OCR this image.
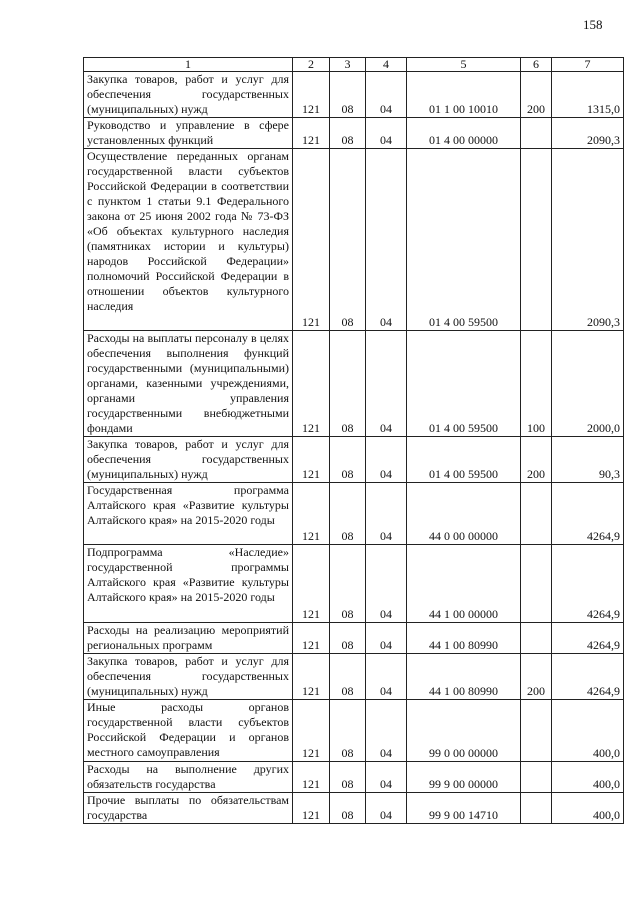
158
1	2	3	4	5	6	7
Закупка товаров, работ и услуг для обеспечения государственных (муниципальных) нужд	121	08	04	01 1 00 10010	200	1315,0
Руководство и управление в сфере установленных функций	121	08	04	01 4 00 00000		2090,3
Осуществление переданных органам государственной власти субъектов Российской Федерации в соответствии с пунктом 1 статьи 9.1 Федерального закона от 25 июня 2002 года № 73-ФЗ «Об объектах культурного наследия (памятниках истории и культуры) народов Российской Федерации» полномочий Российской Федерации в отношении объектов культурного наследия	121	08	04	01 4 00 59500		2090,3
Расходы на выплаты персоналу в целях обеспечения выполнения функций государственными (муниципальными) органами, казенными учреждениями, органами управления государственными внебюджетными фондами	121	08	04	01 4 00 59500	100	2000,0
Закупка товаров, работ и услуг для обеспечения государственных (муниципальных) нужд	121	08	04	01 4 00 59500	200	90,3
Государственная программа Алтайского края «Развитие культуры Алтайского края» на 2015-2020 годы	121	08	04	44 0 00 00000		4264,9
Подпрограмма «Наследие» государственной программы Алтайского края «Развитие культуры Алтайского края» на 2015-2020 годы	121	08	04	44 1 00 00000		4264,9
Расходы на реализацию мероприятий региональных программ	121	08	04	44 1 00 80990		4264,9
Закупка товаров, работ и услуг для обеспечения государственных (муниципальных) нужд	121	08	04	44 1 00 80990	200	4264,9
Иные расходы органов государственной власти субъектов Российской Федерации и органов местного самоуправления	121	08	04	99 0 00 00000		400,0
Расходы на выполнение других обязательств государства	121	08	04	99 9 00 00000		400,0
Прочие выплаты по обязательствам государства	121	08	04	99 9 00 14710		400,0
